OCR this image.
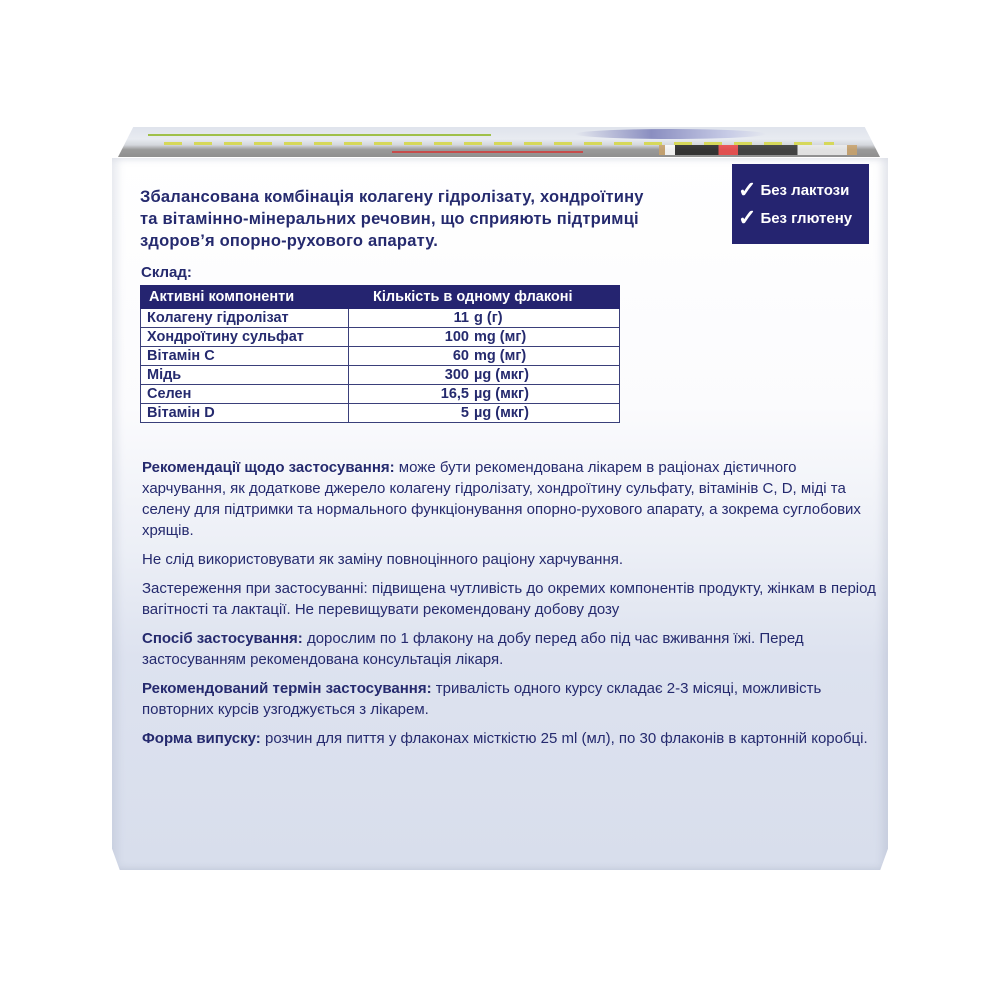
Збалансована комбінація колагену гідролізату, хондроїтину та вітамінно-мінеральних речовин, що сприяють підтримці здоров’я опорно-рухового апарату.
✓ Без лактози
✓ Без глютену
Склад:
Активні компоненти	Кількість в одному флаконі
Колагену гідролізат	11 g (г)
Хондроїтину сульфат	100 mg (мг)
Вітамін С	60 mg (мг)
Мідь	300 µg (мкг)
Селен	16,5 µg (мкг)
Вітамін D	5 µg (мкг)

Рекомендації щодо застосування: може бути рекомендована лікарем в раціонах дієтичного харчування, як додаткове джерело колагену гідролізату, хондроїтину сульфату, вітамінів С, D, міді та селену для підтримки та нормального функціонування опорно-рухового апарату, а зокрема суглобових хрящів.

Не слід використовувати як заміну повноцінного раціону харчування.

Застереження при застосуванні: підвищена чутливість до окремих компонентів продукту, жінкам в період вагітності та лактації. Не перевищувати рекомендовану добову дозу

Спосіб застосування: дорослим по 1 флакону на добу перед або під час вживання їжі. Перед застосуванням рекомендована консультація лікаря.

Рекомендований термін застосування: тривалість одного курсу складає 2-3 місяці, можливість повторних курсів узгоджується з лікарем.

Форма випуску: розчин для пиття у флаконах місткістю 25 ml (мл), по 30 флаконів в картонній коробці.
